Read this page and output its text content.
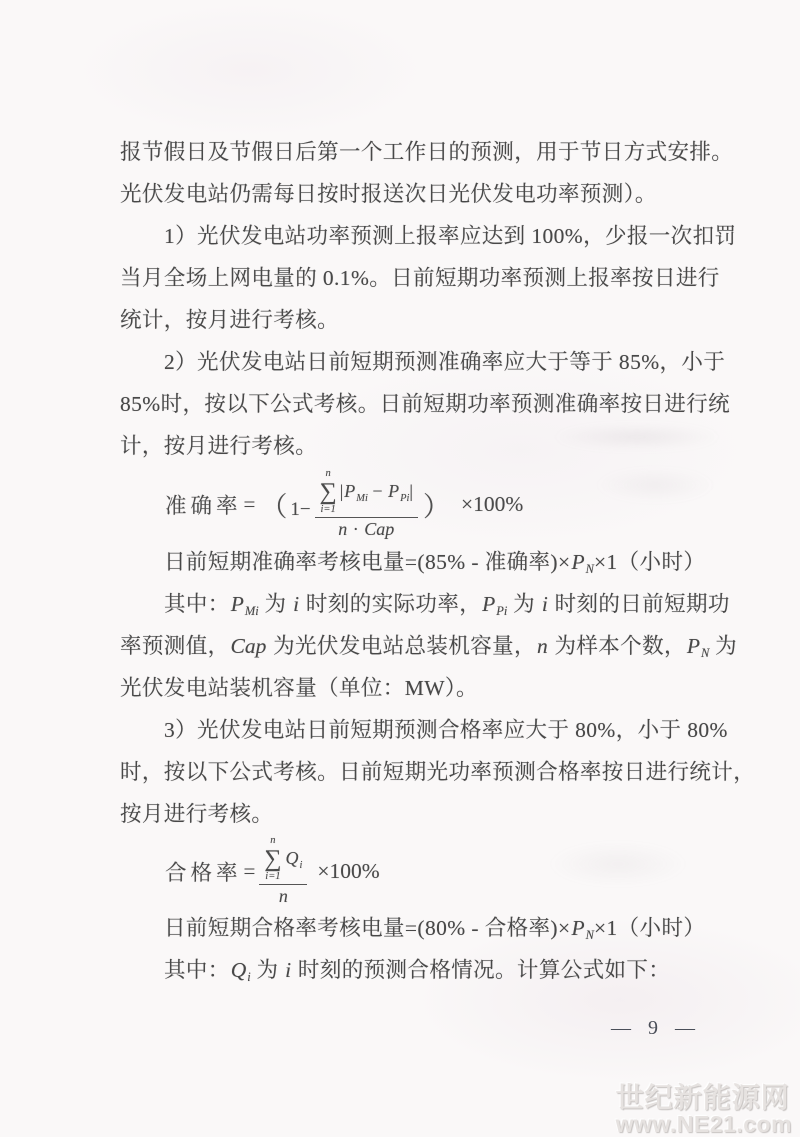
报节假日及节假日后第一个工作日的预测，用于节日方式安排。
光伏发电站仍需每日按时报送次日光伏发电功率预测）。
1）光伏发电站功率预测上报率应达到 100%，少报一次扣罚
当月全场上网电量的 0.1%。日前短期功率预测上报率按日进行
统计，按月进行考核。
2）光伏发电站日前短期预测准确率应大于等于 85%，小于
85%时，按以下公式考核。日前短期功率预测准确率按日进行统
计，按月进行考核。
准确率 = （ 1−
n
∑
i=1
$|P_{Mi} - P_{Pi}|$
n · Cap
） ×100%
日前短期准确率考核电量=(85% - 准确率)$\times P_N\times 1$（小时）
其中：$P_{Mi}$ 为 i 时刻的实际功率，$P_{Pi}$ 为 i 时刻的日前短期功
率预测值，Cap 为光伏发电站总装机容量，n 为样本个数，$P_N$ 为
光伏发电站装机容量（单位：MW）。
3）光伏发电站日前短期预测合格率应大于 80%，小于 80%
时，按以下公式考核。日前短期光功率预测合格率按日进行统计，
按月进行考核。
合格率 = n
∑
i=1
$Q_i$
n ×100%
日前短期合格率考核电量=(80% - 合格率)$\times P_N\times 1$（小时）
其中：$Q_i$ 为 i 时刻的预测合格情况。计算公式如下：
— 9 —
世纪新能源网
www.NE21.com
